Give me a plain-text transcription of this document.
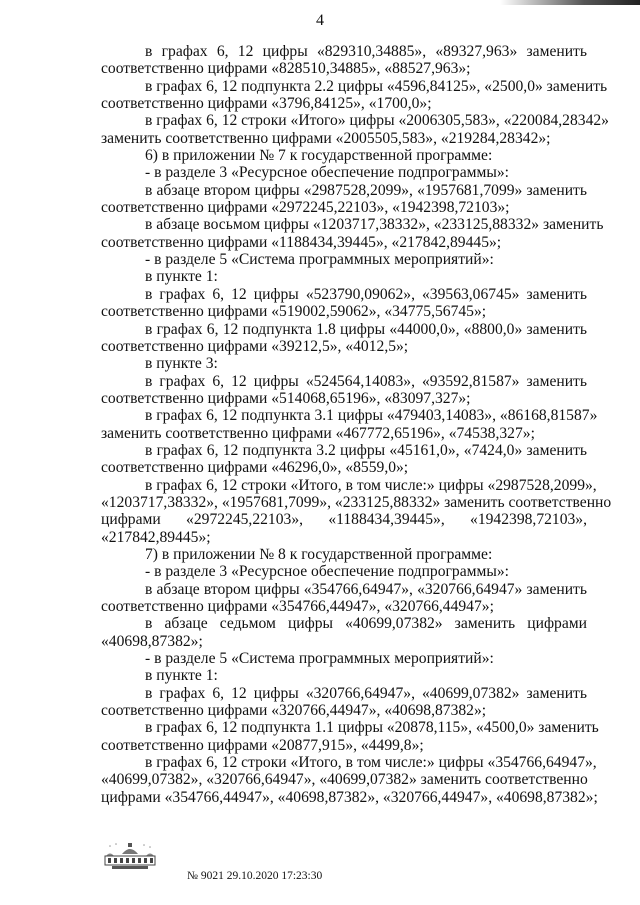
4
в графах 6, 12 цифры «829310,34885», «89327,963» заменить
соответственно цифрами «828510,34885», «88527,963»;
в графах 6, 12 подпункта 2.2 цифры «4596,84125», «2500,0» заменить
соответственно цифрами «3796,84125», «1700,0»;
в графах 6, 12 строки «Итого» цифры «2006305,583», «220084,28342»
заменить соответственно цифрами «2005505,583», «219284,28342»;
6) в приложении № 7 к государственной программе:
- в разделе 3 «Ресурсное обеспечение подпрограммы»:
в абзаце втором цифры «2987528,2099», «1957681,7099» заменить
соответственно цифрами «2972245,22103», «1942398,72103»;
в абзаце восьмом цифры «1203717,38332», «233125,88332» заменить
соответственно цифрами «1188434,39445», «217842,89445»;
- в разделе 5 «Система программных мероприятий»:
в пункте 1:
в графах 6, 12 цифры «523790,09062», «39563,06745» заменить
соответственно цифрами «519002,59062», «34775,56745»;
в графах 6, 12 подпункта 1.8 цифры «44000,0», «8800,0» заменить
соответственно цифрами «39212,5», «4012,5»;
в пункте 3:
в графах 6, 12 цифры «524564,14083», «93592,81587» заменить
соответственно цифрами «514068,65196», «83097,327»;
в графах 6, 12 подпункта 3.1 цифры «479403,14083», «86168,81587»
заменить соответственно цифрами «467772,65196», «74538,327»;
в графах 6, 12 подпункта 3.2 цифры «45161,0», «7424,0» заменить
соответственно цифрами «46296,0», «8559,0»;
в графах 6, 12 строки «Итого, в том числе:» цифры «2987528,2099»,
«1203717,38332», «1957681,7099», «233125,88332» заменить соответственно
цифрами «2972245,22103», «1188434,39445», «1942398,72103»,
«217842,89445»;
7) в приложении № 8 к государственной программе:
- в разделе 3 «Ресурсное обеспечение подпрограммы»:
в абзаце втором цифры «354766,64947», «320766,64947» заменить
соответственно цифрами «354766,44947», «320766,44947»;
в абзаце седьмом цифры «40699,07382» заменить цифрами
«40698,87382»;
- в разделе 5 «Система программных мероприятий»:
в пункте 1:
в графах 6, 12 цифры «320766,64947», «40699,07382» заменить
соответственно цифрами «320766,44947», «40698,87382»;
в графах 6, 12 подпункта 1.1 цифры «20878,115», «4500,0» заменить
соответственно цифрами «20877,915», «4499,8»;
в графах 6, 12 строки «Итого, в том числе:» цифры «354766,64947»,
«40699,07382», «320766,64947», «40699,07382» заменить соответственно
цифрами «354766,44947», «40698,87382», «320766,44947», «40698,87382»;
№ 9021 29.10.2020 17:23:30
